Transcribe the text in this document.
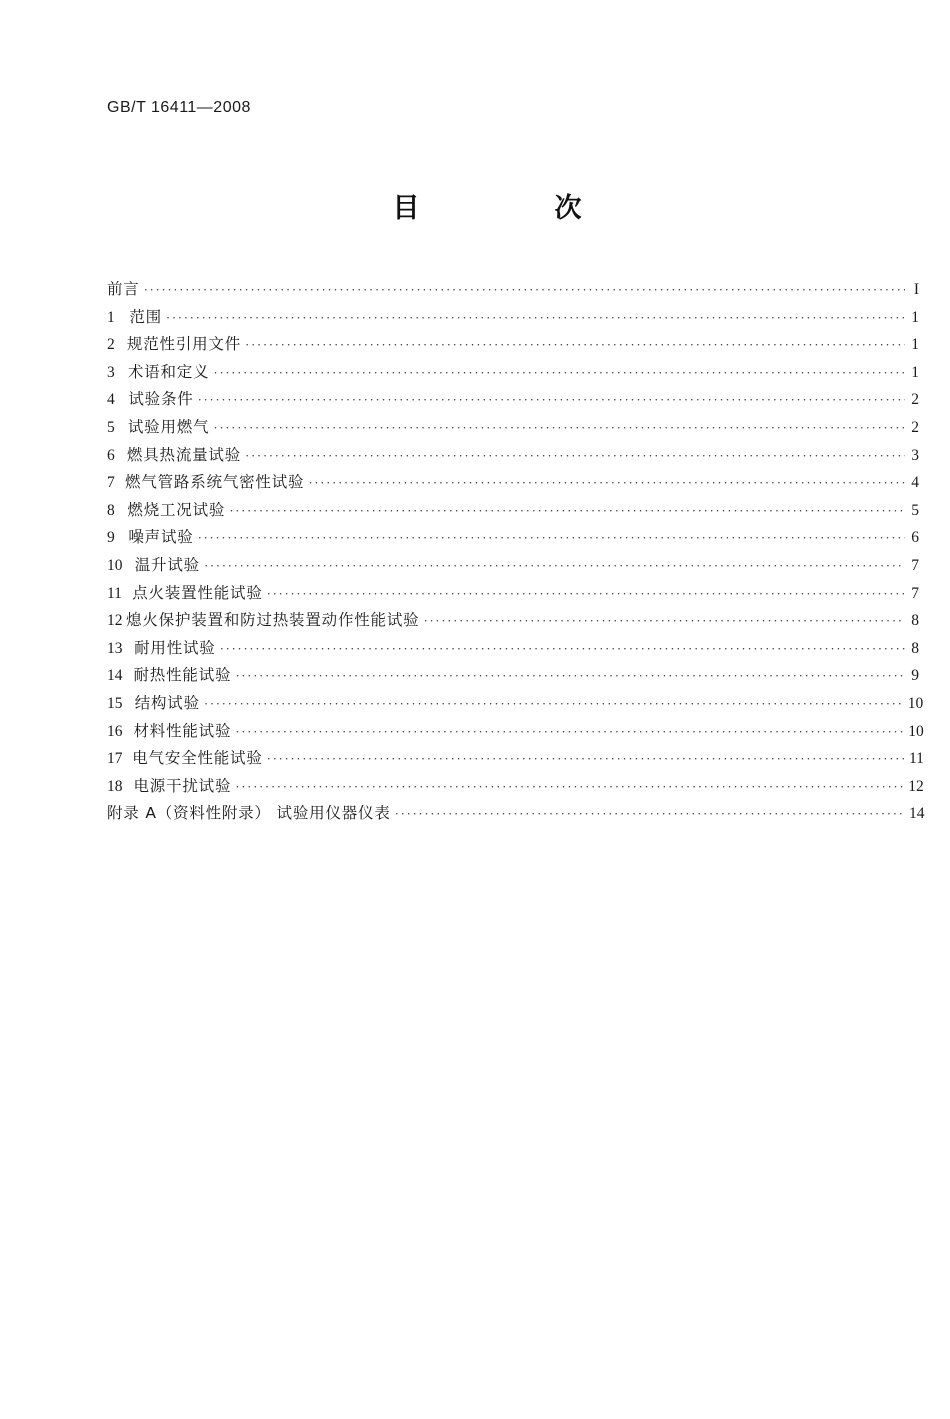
GB/T 16411—2008
目　次
前言 ·····	I
1 范围 ·····	1
2 规范性引用文件 ·····	1
3 术语和定义 ·····	1
4 试验条件 ·····	2
5 试验用燃气 ·····	2
6 燃具热流量试验 ·····	3
7 燃气管路系统气密性试验 ·····	4
8 燃烧工况试验 ·····	5
9 噪声试验 ·····	6
10 温升试验 ·····	7
11 点火装置性能试验 ·····	7
12 熄火保护装置和防过热装置动作性能试验 ·····	8
13 耐用性试验 ·····	8
14 耐热性能试验 ·····	9
15 结构试验 ·····	10
16 材料性能试验 ·····	10
17 电气安全性能试验 ·····	11
18 电源干扰试验 ·····	12
附录 A（资料性附录） 试验用仪器仪表 ·····	14
